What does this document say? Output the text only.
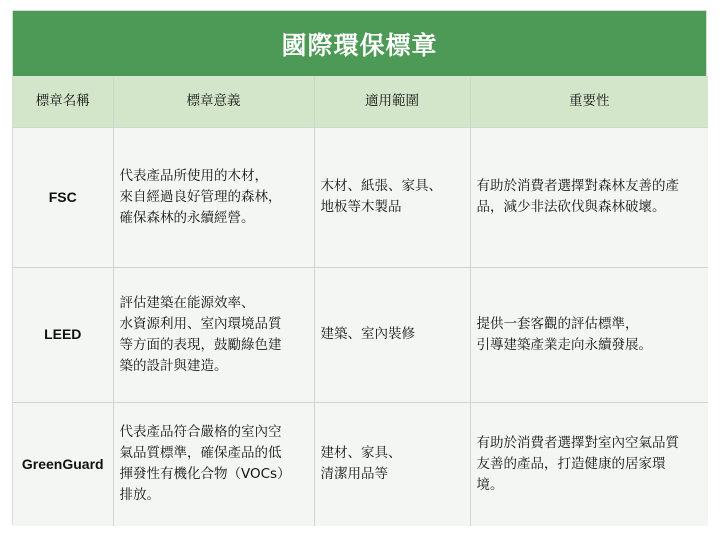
國際環保標章
標章名稱	標章意義	適用範圍	重要性
FSC	代表產品所使用的木材，
來自經過良好管理的森林，
確保森林的永續經營。	木材、紙張、家具、
地板等木製品	有助於消費者選擇對森林友善的產
品，減少非法砍伐與森林破壞。
LEED	評估建築在能源效率、
水資源利用、室內環境品質
等方面的表現，鼓勵綠色建
築的設計與建造。	建築、室內裝修	提供一套客觀的評估標準，
引導建築產業走向永續發展。
GreenGuard	代表產品符合嚴格的室內空
氣品質標準，確保產品的低
揮發性有機化合物（VOCs）
排放。	建材、家具、
清潔用品等	有助於消費者選擇對室內空氣品質
友善的產品，打造健康的居家環
境。
